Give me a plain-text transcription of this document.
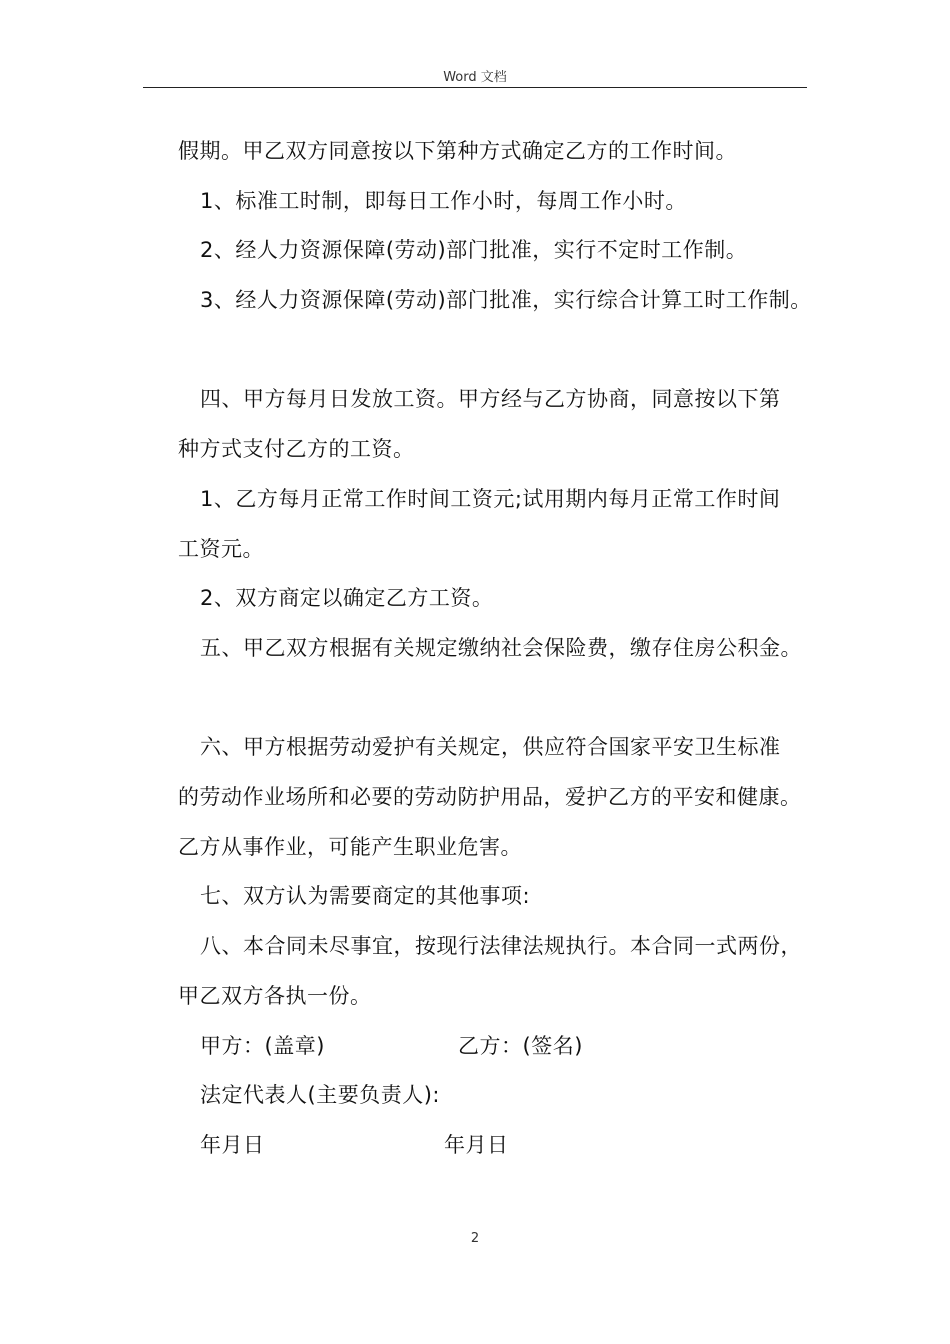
Word 文档
假期。甲乙双方同意按以下第种方式确定乙方的工作时间。
1、标准工时制，即每日工作小时，每周工作小时。
2、经人力资源保障(劳动)部门批准，实行不定时工作制。
3、经人力资源保障(劳动)部门批准，实行综合计算工时工作制。
四、甲方每月日发放工资。甲方经与乙方协商，同意按以下第
种方式支付乙方的工资。
1、乙方每月正常工作时间工资元;试用期内每月正常工作时间
工资元。
2、双方商定以确定乙方工资。
五、甲乙双方根据有关规定缴纳社会保险费，缴存住房公积金。
六、甲方根据劳动爱护有关规定，供应符合国家平安卫生标准
的劳动作业场所和必要的劳动防护用品，爱护乙方的平安和健康。
乙方从事作业，可能产生职业危害。
七、双方认为需要商定的其他事项:
八、本合同未尽事宜，按现行法律法规执行。本合同一式两份，
甲乙双方各执一份。
甲方：(盖章)	乙方：(签名)
法定代表人(主要负责人):
年月日	年月日
2
